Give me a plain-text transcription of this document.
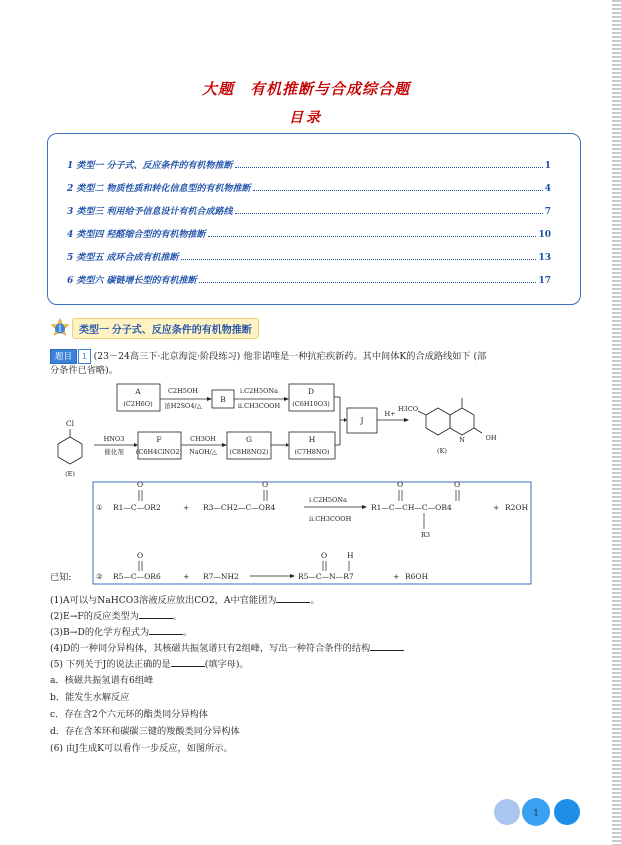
大题　有机推断与合成综合题
目录
1 类型一 分子式、反应条件的有机物推断	1
2 类型二 物质性质和转化信息型的有机物推断	4
3 类型三 利用给予信息设计有机合成路线	7
4 类型四 羟醛缩合型的有机物推断	10
5 类型五 成环合成有机推断	13
6 类型六 碳链增长型的有机推断	17
1	类型一 分子式、反应条件的有机物推断
题目 1 (23－24高三下·北京海淀·阶段练习) 他非诺喹是一种抗疟疾新药。其中间体K的合成路线如下 (部
分条件已省略)。
A
(C2H6O)	B
D
(C6H10O3)
J
F
(C6H4ClNO2)
G
(C8H8NO2)
H
(C7H8NO)
C2H5OH
浓H2SO4/△
i.C2H5ONa
ii.CH3COOH
HNO3
催化剂
CH3OH
NaOH/△
H+
Cl
(E)
H3CO
N	OH
(K)
已知:
① R1—C—OR2	+ R3—CH2—C—OR4
i.C2H5ONa
ii.CH3COOH
R1—C—CH—C—OR4	+ R2OH
R3
O	O	O	O
② R5—C—OR6	+ R7—NH2	R5—C—N—R7	+ R6OH
O	O	H
(1)A可以与NaHCO3溶液反应放出CO2，A中官能团为	。
(2)E→F的反应类型为	。
(3)B→D的化学方程式为	。
(4)D的一种同分异构体，其核磁共振氢谱只有2组峰，写出一种符合条件的结构
(5) 下列关于J的说法正确的是	(填字母)。
a．核磁共振氢谱有6组峰
b．能发生水解反应
c．存在含2个六元环的酯类同分异构体
d．存在含苯环和碳碳三键的羧酸类同分异构体
(6) 由J生成K可以看作一步反应，如图所示。
1
